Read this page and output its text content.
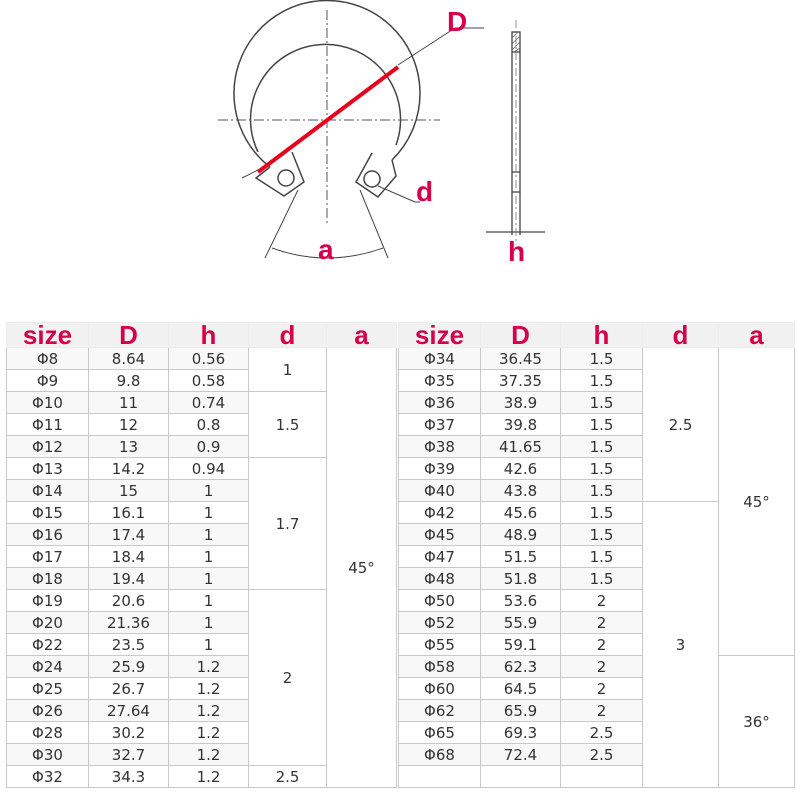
D
d
a	h
size	D	h	d	a
Φ8	8.64	0.56	1	45°
Φ9	9.8	0.58		
Φ10	11	0.74	1.5	
Φ11	12	0.8		
Φ12	13	0.9		
Φ13	14.2	0.94	1.7	
Φ14	15	1		
Φ15	16.1	1		
Φ16	17.4	1		
Φ17	18.4	1		
Φ18	19.4	1		
Φ19	20.6	1	2	
Φ20	21.36	1		
Φ22	23.5	1		
Φ24	25.9	1.2		
Φ25	26.7	1.2		
Φ26	27.64	1.2		
Φ28	30.2	1.2		
Φ30	32.7	1.2		
Φ32	34.3	1.2	2.5	
size	D	h	d	a
Φ34	36.45	1.5	2.5	45°
Φ35	37.35	1.5		
Φ36	38.9	1.5		
Φ37	39.8	1.5		
Φ38	41.65	1.5		
Φ39	42.6	1.5		
Φ40	43.8	1.5		
Φ42	45.6	1.5	3	
Φ45	48.9	1.5		
Φ47	51.5	1.5		
Φ48	51.8	1.5		
Φ50	53.6	2		
Φ52	55.9	2		
Φ55	59.1	2		
Φ58	62.3	2		36°
Φ60	64.5	2		
Φ62	65.9	2		
Φ65	69.3	2.5		
Φ68	72.4	2.5		
